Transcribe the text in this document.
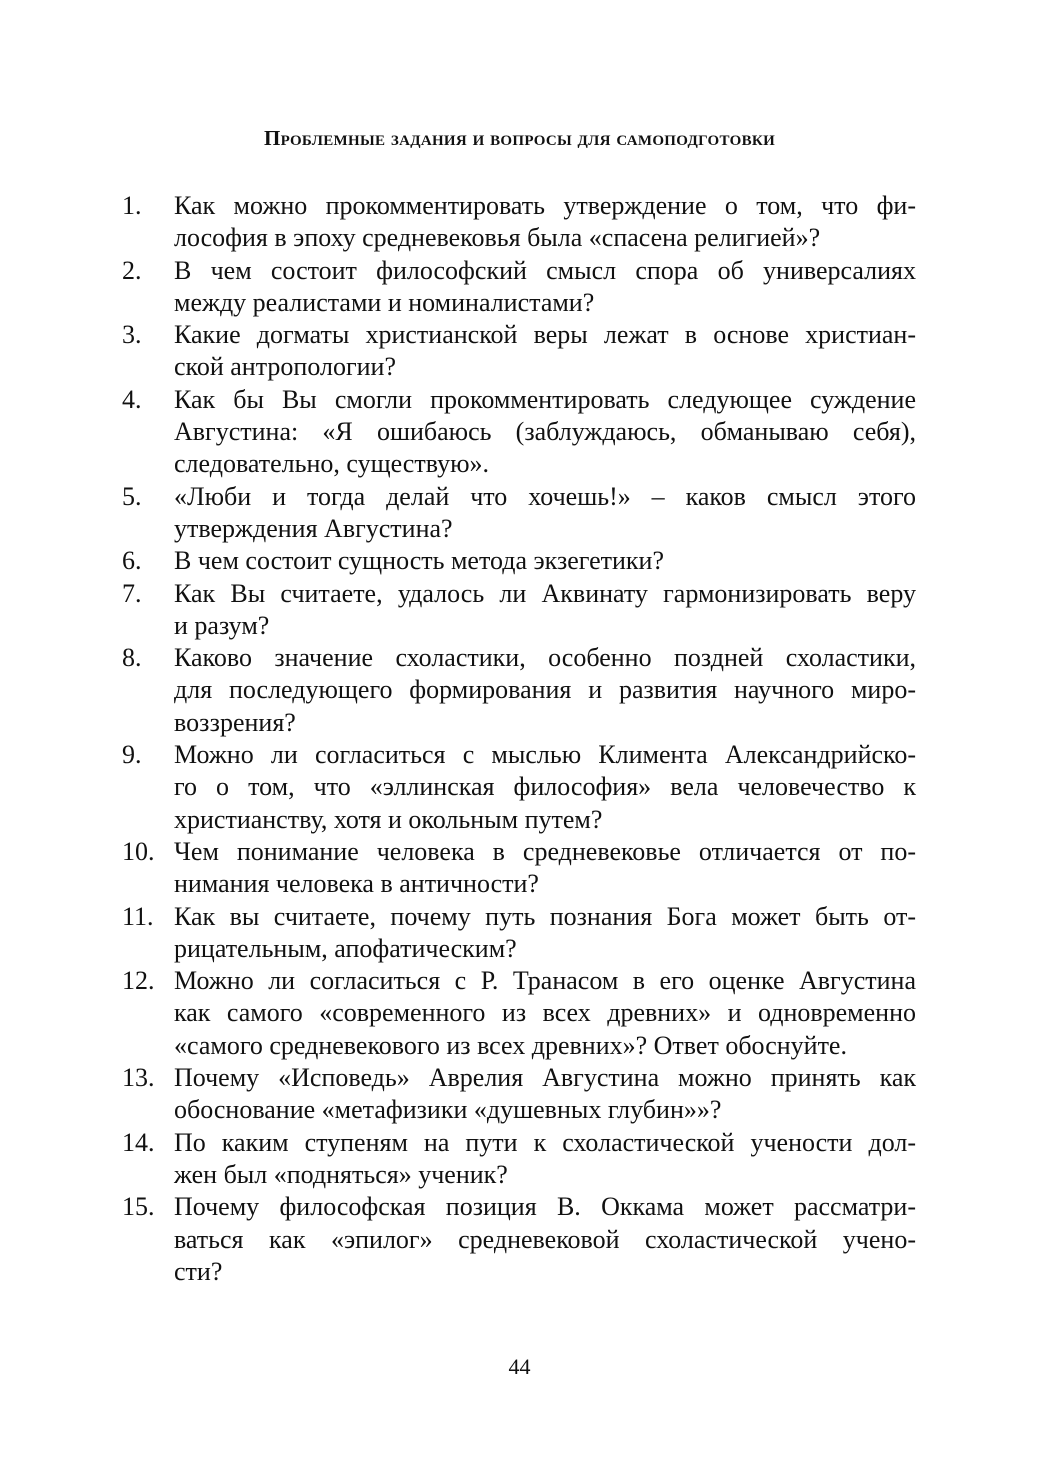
Проблемные задания и вопросы для самоподготовки
1. Как можно прокомментировать утверждение о том, что фи-
лософия в эпоху средневековья была «спасена религией»?
2. В чем состоит философский смысл спора об универсалиях
между реалистами и номиналистами?
3. Какие догматы христианской веры лежат в основе христиан-
ской антропологии?
4. Как бы Вы смогли прокомментировать следующее суждение
Августина: «Я ошибаюсь (заблуждаюсь, обманываю себя),
следовательно, существую».
5. «Люби и тогда делай что хочешь!» – каков смысл этого
утверждения Августина?
6. В чем состоит сущность метода экзегетики?
7. Как Вы считаете, удалось ли Аквинату гармонизировать веру
и разум?
8. Каково значение схоластики, особенно поздней схоластики,
для последующего формирования и развития научного миро-
воззрения?
9. Можно ли согласиться с мыслью Климента Александрийско-
го о том, что «эллинская философия» вела человечество к
христианству, хотя и окольным путем?
10. Чем понимание человека в средневековье отличается от по-
нимания человека в античности?
11. Как вы считаете, почему путь познания Бога может быть от-
рицательным, апофатическим?
12. Можно ли согласиться с Р. Транасом в его оценке Августина
как самого «современного из всех древних» и одновременно
«самого средневекового из всех древних»? Ответ обоснуйте.
13. Почему «Исповедь» Аврелия Августина можно принять как
обоснование «метафизики «душевных глубин»»?
14. По каким ступеням на пути к схоластической учености дол-
жен был «подняться» ученик?
15. Почему философская позиция В. Оккама может рассматри-
ваться как «эпилог» средневековой схоластической учено-
сти?
44
